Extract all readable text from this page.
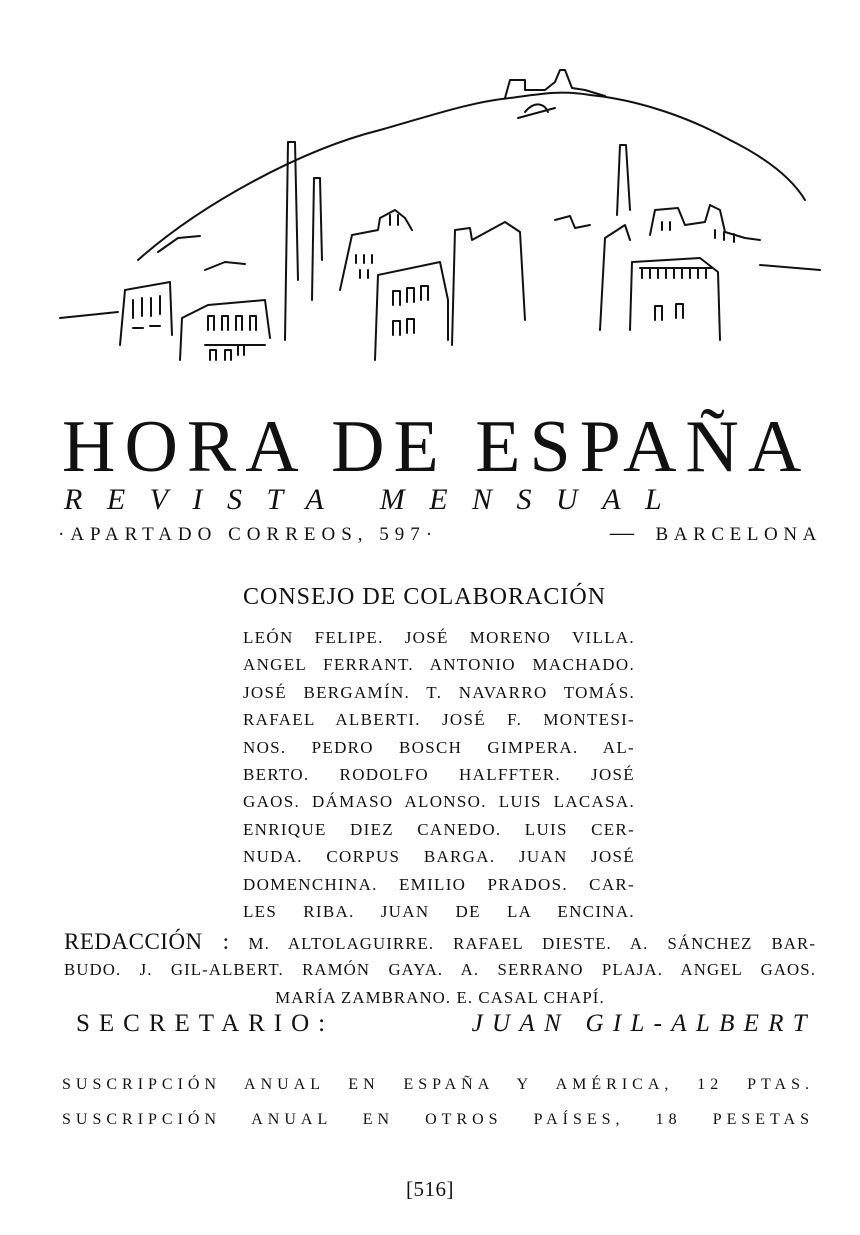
HORA DE ESPAÑA
REVISTA MENSUAL
·APARTADO CORREOS, 597·	— BARCELONA
CONSEJO DE COLABORACIÓN
LEÓN FELIPE. JOSÉ MORENO VILLA.
ANGEL FERRANT. ANTONIO MACHADO.
JOSÉ BERGAMÍN. T. NAVARRO TOMÁS.
RAFAEL ALBERTI. JOSÉ F. MONTESI-
NOS. PEDRO BOSCH GIMPERA. AL-
BERTO. RODOLFO HALFFTER. JOSÉ
GAOS. DÁMASO ALONSO. LUIS LACASA.
ENRIQUE DIEZ CANEDO. LUIS CER-
NUDA. CORPUS BARGA. JUAN JOSÉ
DOMENCHINA. EMILIO PRADOS. CAR-
LES RIBA. JUAN DE LA ENCINA.
REDACCIÓN : M. ALTOLAGUIRRE. RAFAEL DIESTE. A. SÁNCHEZ BAR-
BUDO. J. GIL-ALBERT. RAMÓN GAYA. A. SERRANO PLAJA. ANGEL GAOS.
MARÍA ZAMBRANO. E. CASAL CHAPÍ.
SECRETARIO:	JUAN GIL-ALBERT
SUSCRIPCIÓN ANUAL EN ESPAÑA Y AMÉRICA, 12 PTAS.
SUSCRIPCIÓN ANUAL EN OTROS PAÍSES, 18 PESETAS
[516]
